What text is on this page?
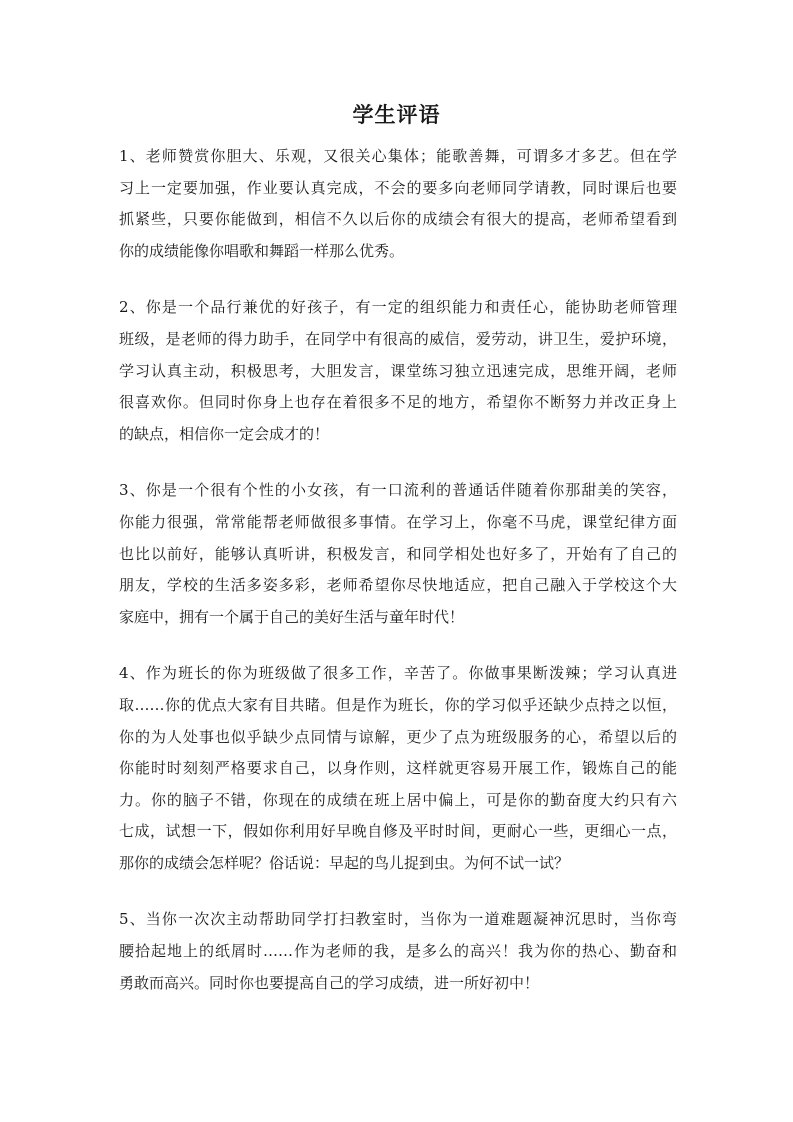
学生评语
1、老师赞赏你胆大、乐观，又很关心集体；能歌善舞，可谓多才多艺。但在学
习上一定要加强，作业要认真完成，不会的要多向老师同学请教，同时课后也要
抓紧些，只要你能做到，相信不久以后你的成绩会有很大的提高，老师希望看到
你的成绩能像你唱歌和舞蹈一样那么优秀。
2、你是一个品行兼优的好孩子，有一定的组织能力和责任心，能协助老师管理
班级，是老师的得力助手，在同学中有很高的威信，爱劳动，讲卫生，爱护环境，
学习认真主动，积极思考，大胆发言，课堂练习独立迅速完成，思维开阔，老师
很喜欢你。但同时你身上也存在着很多不足的地方，希望你不断努力并改正身上
的缺点，相信你一定会成才的！
3、你是一个很有个性的小女孩，有一口流利的普通话伴随着你那甜美的笑容，
你能力很强，常常能帮老师做很多事情。在学习上，你毫不马虎，课堂纪律方面
也比以前好，能够认真听讲，积极发言，和同学相处也好多了，开始有了自己的
朋友，学校的生活多姿多彩，老师希望你尽快地适应，把自己融入于学校这个大
家庭中，拥有一个属于自己的美好生活与童年时代！
4、作为班长的你为班级做了很多工作，辛苦了。你做事果断泼辣；学习认真进
取……你的优点大家有目共睹。但是作为班长，你的学习似乎还缺少点持之以恒，
你的为人处事也似乎缺少点同情与谅解，更少了点为班级服务的心，希望以后的
你能时时刻刻严格要求自己，以身作则，这样就更容易开展工作，锻炼自己的能
力。你的脑子不错，你现在的成绩在班上居中偏上，可是你的勤奋度大约只有六
七成，试想一下，假如你利用好早晚自修及平时时间，更耐心一些，更细心一点，
那你的成绩会怎样呢？俗话说：早起的鸟儿捉到虫。为何不试一试？
5、当你一次次主动帮助同学打扫教室时，当你为一道难题凝神沉思时，当你弯
腰拾起地上的纸屑时……作为老师的我，是多么的高兴！我为你的热心、勤奋和
勇敢而高兴。同时你也要提高自己的学习成绩，进一所好初中！
